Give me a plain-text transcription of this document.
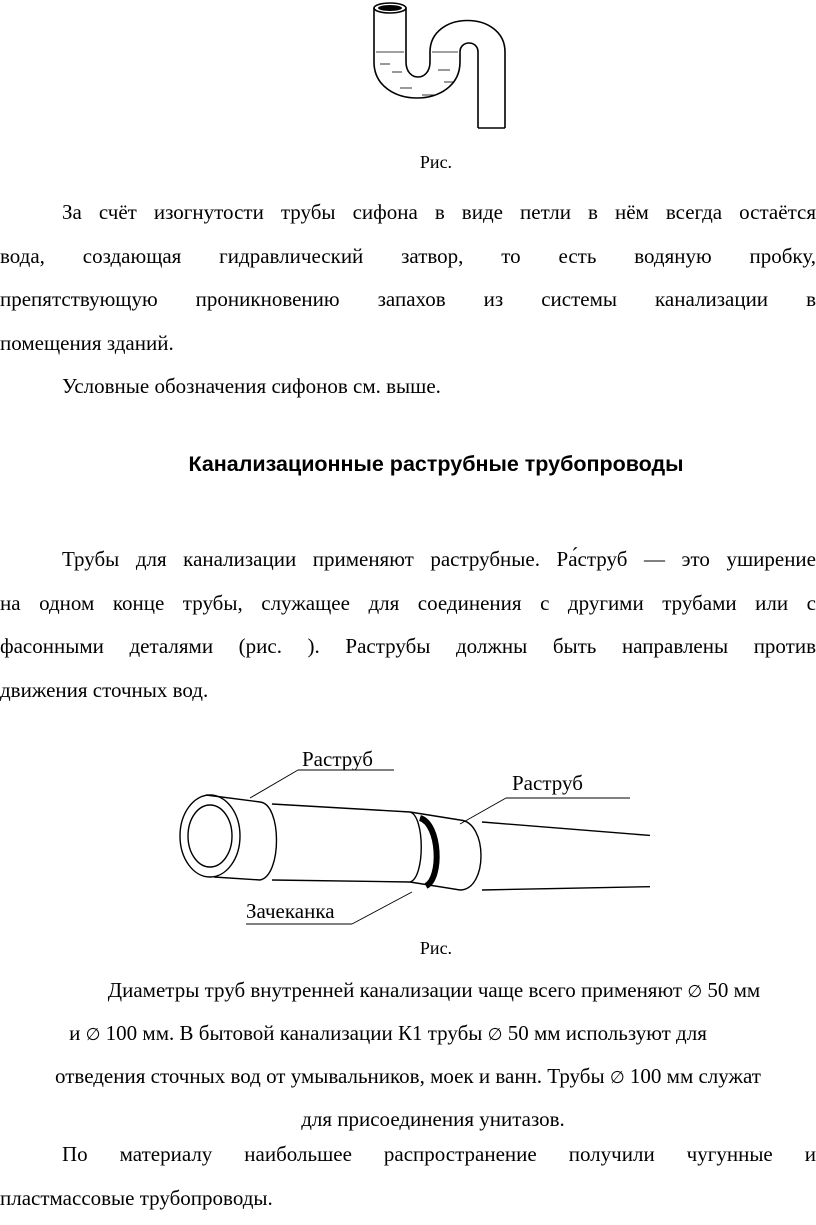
Рис.
За счёт изогнутости трубы сифона в виде петли в нём всегда остаётся
вода, создающая гидравлический затвор, то есть водяную пробку,
препятствующую проникновению запахов из системы канализации в
помещения зданий.
Условные обозначения сифонов см. выше.
Канализационные раструбные трубопроводы
Трубы для канализации применяют раструбные. Ра́струб — это уширение
на одном конце трубы, служащее для соединения с другими трубами или с
фасонными деталями (рис. ). Раструбы должны быть направлены против
движения сточных вод.
Раструб
Раструб
Зачеканка
Рис.
Диаметры труб внутренней канализации чаще всего применяют ∅ 50 мм
и ∅ 100 мм. В бытовой канализации К1 трубы ∅ 50 мм используют для
отведения сточных вод от умывальников, моек и ванн. Трубы ∅ 100 мм служат
для присоединения унитазов.
По материалу наибольшее распространение получили чугунные и
пластмассовые трубопроводы.
